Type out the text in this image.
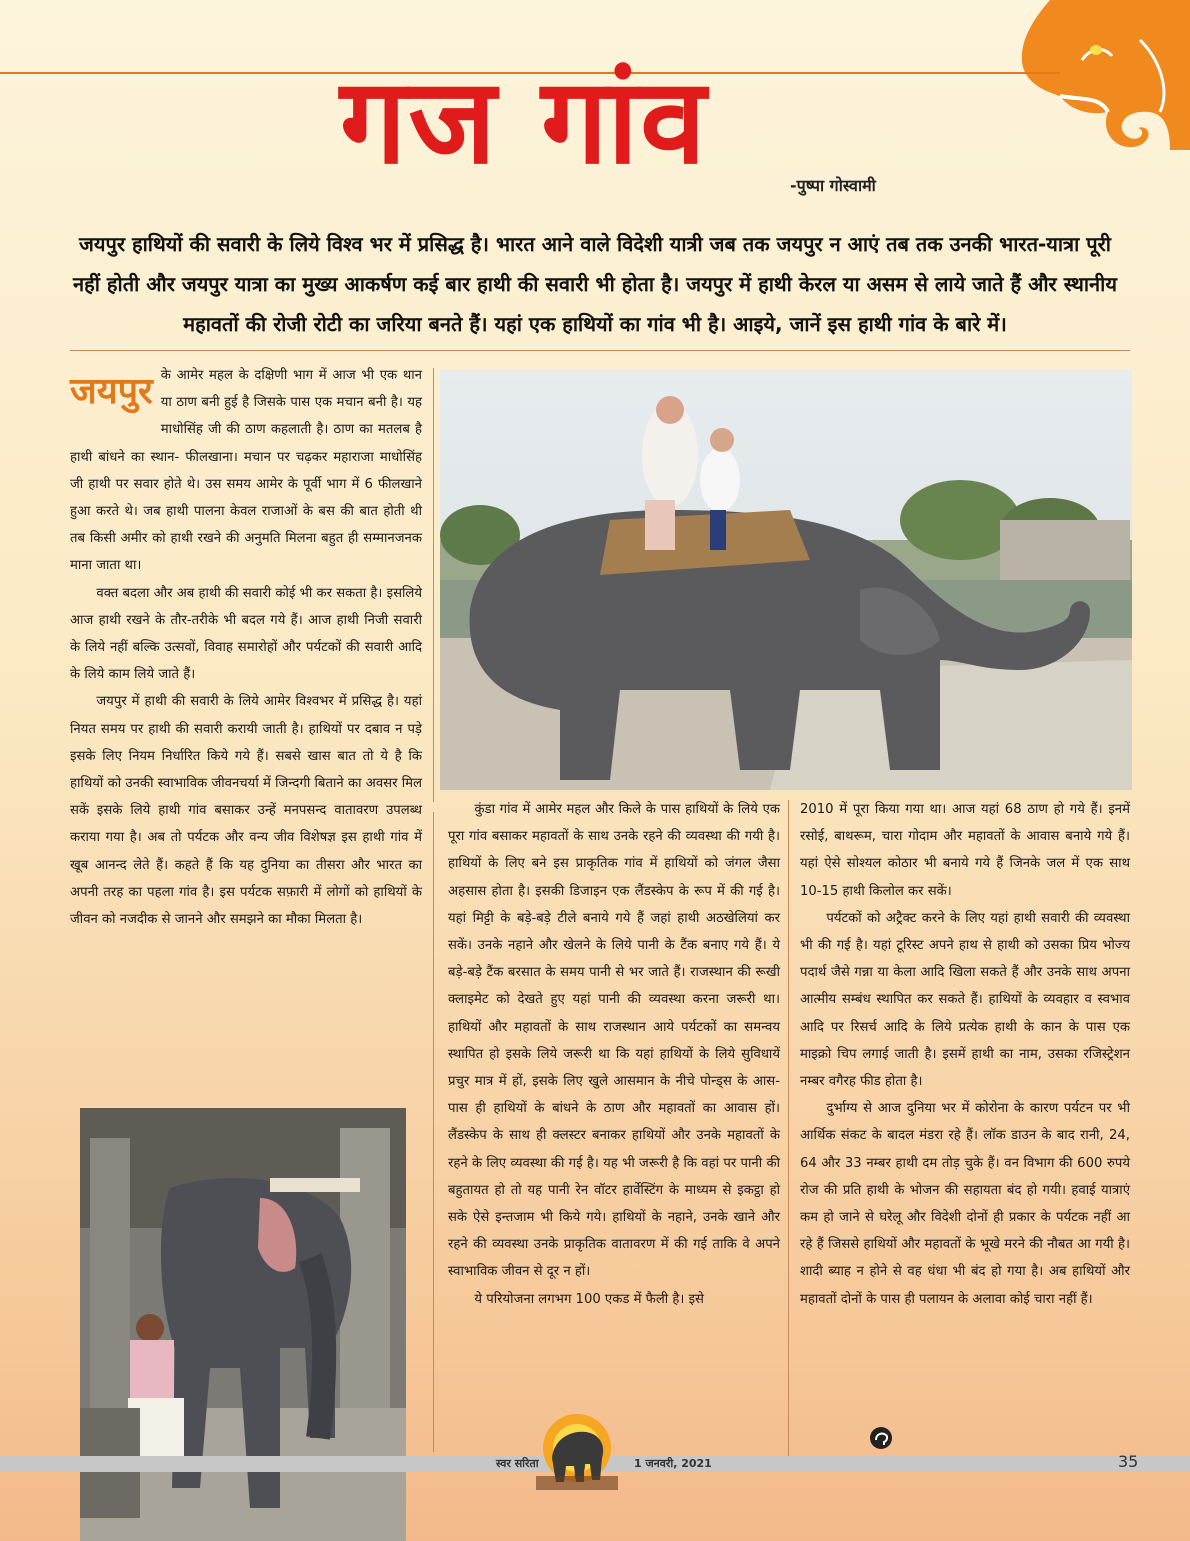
गज गांव	-पुष्पा गोस्वामी
जयपुर हाथियों की सवारी के लिये विश्व भर में प्रसिद्ध है। भारत आने वाले विदेशी यात्री जब तक जयपुर न आएं तब तक उनकी भारत-यात्रा पूरी नहीं होती और जयपुर यात्रा का मुख्य आकर्षण कई बार हाथी की सवारी भी होता है। जयपुर में हाथी केरल या असम से लाये जाते हैं और स्थानीय महावतों की रोजी रोटी का जरिया बनते हैं। यहां एक हाथियों का गांव भी है। आइये, जानें इस हाथी गांव के बारे में।

जयपुर के आमेर महल के दक्षिणी भाग में आज भी एक थान या ठाण बनी हुई है जिसके पास एक मचान बनी है। यह माधोसिंह जी की ठाण कहलाती है। ठाण का मतलब है हाथी बांधने का स्थान- फीलखाना। मचान पर चढ़कर महाराजा माधोसिंह जी हाथी पर सवार होते थे। उस समय आमेर के पूर्वी भाग में 6 फीलखाने हुआ करते थे। जब हाथी पालना केवल राजाओं के बस की बात होती थी तब किसी अमीर को हाथी रखने की अनुमति मिलना बहुत ही सम्मानजनक माना जाता था।

वक्त बदला और अब हाथी की सवारी कोई भी कर सकता है। इसलिये आज हाथी रखने के तौर-तरीके भी बदल गये हैं। आज हाथी निजी सवारी के लिये नहीं बल्कि उत्सवों, विवाह समारोहों और पर्यटकों की सवारी आदि के लिये काम लिये जाते हैं।

जयपुर में हाथी की सवारी के लिये आमेर विश्वभर में प्रसिद्ध है। यहां नियत समय पर हाथी की सवारी करायी जाती है। हाथियों पर दबाव न पड़े इसके लिए नियम निर्धारित किये गये हैं। सबसे खास बात तो ये है कि हाथियों को उनकी स्वाभाविक जीवनचर्या में जिन्दगी बिताने का अवसर मिल सकें इसके लिये हाथी गांव बसाकर उन्हें मनपसन्द वातावरण उपलब्ध कराया गया है। अब तो पर्यटक और वन्य जीव विशेषज्ञ इस हाथी गांव में खूब आनन्द लेते हैं। कहते हैं कि यह दुनिया का तीसरा और भारत का अपनी तरह का पहला गांव है। इस पर्यटक सफ़ारी में लोगों को हाथियों के जीवन को नजदीक से जानने और समझने का मौका मिलता है।

कुंडा गांव में आमेर महल और किले के पास हाथियों के लिये एक पूरा गांव बसाकर महावतों के साथ उनके रहने की व्यवस्था की गयी है। हाथियों के लिए बने इस प्राकृतिक गांव में हाथियों को जंगल जैसा अहसास होता है। इसकी डिजाइन एक लैंडस्केप के रूप में की गई है। यहां मिट्टी के बड़े-बड़े टीले बनाये गये हैं जहां हाथी अठखेलियां कर सकें। उनके नहाने और खेलने के लिये पानी के टैंक बनाए गये हैं। ये बड़े-बड़े टैंक बरसात के समय पानी से भर जाते हैं। राजस्थान की रूखी क्लाइमेट को देखते हुए यहां पानी की व्यवस्था करना जरूरी था। हाथियों और महावतों के साथ राजस्थान आये पर्यटकों का समन्वय स्थापित हो इसके लिये जरूरी था कि यहां हाथियों के लिये सुविधायें प्रचुर मात्र में हों, इसके लिए खुले आसमान के नीचे पोन्ड्स के आस-पास ही हाथियों के बांधने के ठाण और महावतों का आवास हों। लैंडस्केप के साथ ही क्लस्टर बनाकर हाथियों और उनके महावतों के रहने के लिए व्यवस्था की गई है। यह भी जरूरी है कि वहां पर पानी की बहुतायत हो तो यह पानी रेन वॉटर हार्वेस्टिंग के माध्यम से इकट्ठा हो सके ऐसे इन्तजाम भी किये गये। हाथियों के नहाने, उनके खाने और रहने की व्यवस्था उनके प्राकृतिक वातावरण में की गई ताकि वे अपने स्वाभाविक जीवन से दूर न हों।

ये परियोजना लगभग 100 एकड में फैली है। इसे

2010 में पूरा किया गया था। आज यहां 68 ठाण हो गये हैं। इनमें रसोई, बाथरूम, चारा गोदाम और महावतों के आवास बनाये गये हैं। यहां ऐसे सोश्यल कोठार भी बनाये गये हैं जिनके जल में एक साथ 10-15 हाथी किलोल कर सकें।

पर्यटकों को अट्रैक्ट करने के लिए यहां हाथी सवारी की व्यवस्था भी की गई है। यहां टूरिस्ट अपने हाथ से हाथी को उसका प्रिय भोज्य पदार्थ जैसे गन्ना या केला आदि खिला सकते हैं और उनके साथ अपना आत्मीय सम्बंध स्थापित कर सकते हैं। हाथियों के व्यवहार व स्वभाव आदि पर रिसर्च आदि के लिये प्रत्येक हाथी के कान के पास एक माइक्रो चिप लगाई जाती है। इसमें हाथी का नाम, उसका रजिस्ट्रेशन नम्बर वगैरह फीड होता है।

दुर्भाग्य से आज दुनिया भर में कोरोना के कारण पर्यटन पर भी आर्थिक संकट के बादल मंडरा रहे हैं। लॉक डाउन के बाद रानी, 24, 64 और 33 नम्बर हाथी दम तोड़ चुके हैं। वन विभाग की 600 रुपये रोज की प्रति हाथी के भोजन की सहायता बंद हो गयी। हवाई यात्राएं कम हो जाने से घरेलू और विदेशी दोनों ही प्रकार के पर्यटक नहीं आ रहे हैं जिससे हाथियों और महावतों के भूखे मरने की नौबत आ गयी है। शादी ब्याह न होने से वह धंधा भी बंद हो गया है। अब हाथियों और महावतों दोनों के पास ही पलायन के अलावा कोई चारा नहीं हैं।

स्वर सरिता	1 जनवरी, 2021	35
